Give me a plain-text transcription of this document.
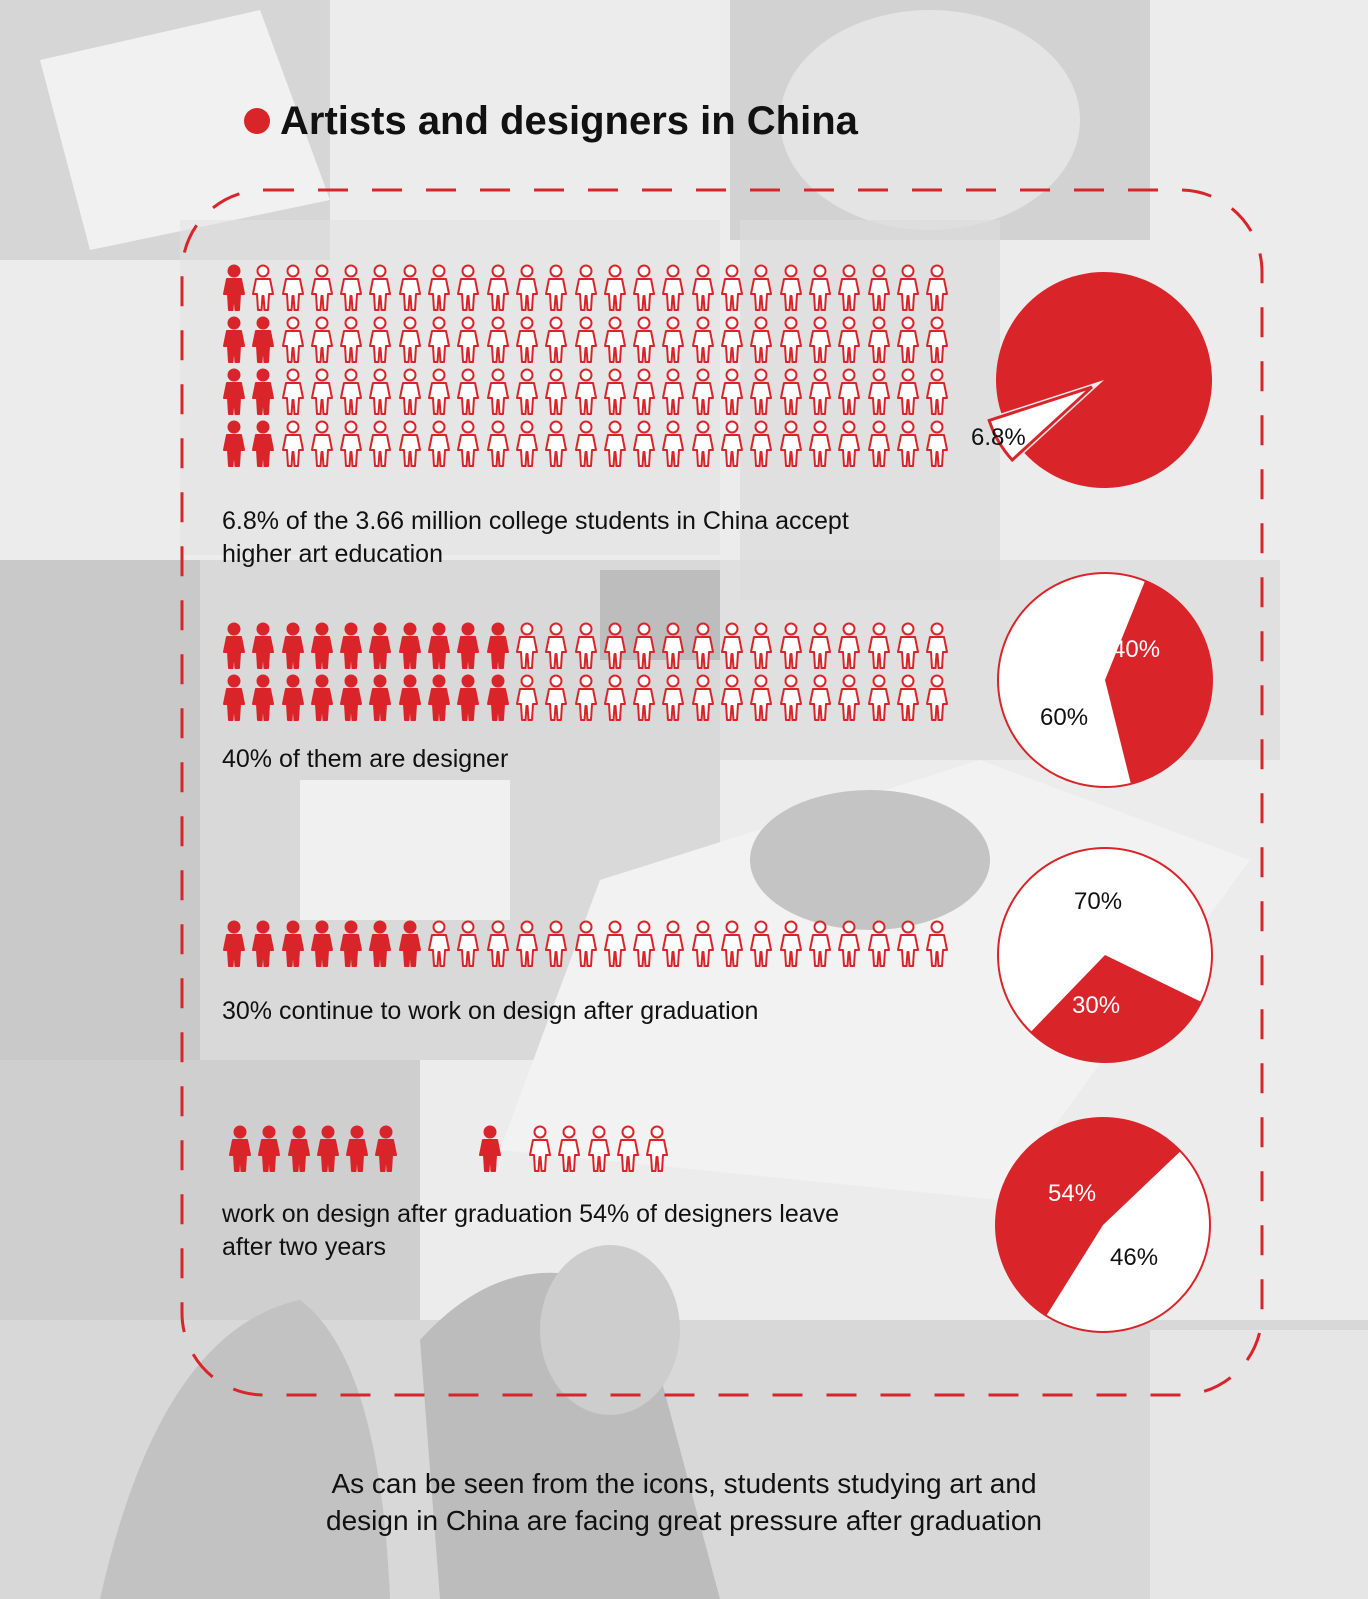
Artists and designers in China
6.8% of the 3.66 million college students in China accept higher art education
6.8%
40% of them are designer
40%
60%
30% continue to work on design after graduation
70%
30%
work on design after graduation 54% of designers leave
after two years
54%
46%
As can be seen from the icons, students studying art and
design in China are facing great pressure after graduation
